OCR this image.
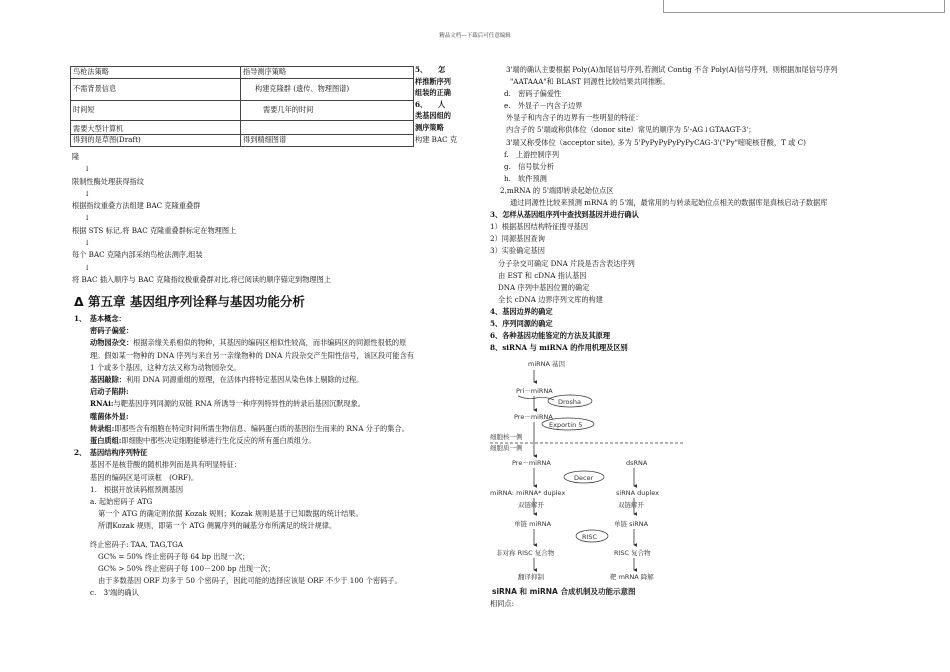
精品文档---下载后可任意编辑
鸟枪法策略	指导测序策略
不需背景信息	构建克隆群 (遗传、物理图谱)
时间短	需要几年的时间
需要大型计算机	
得到的是草图(Draft)	得到精细图谱
5、　　怎
样推断序列
组装的正确
6、　　人
类基因组的
测序策略
构建 BAC 克
隆
↓
限制性酶处理获得指纹
↓
根据指纹重叠方法组建 BAC 克隆重叠群
↓
根据 STS 标记,将 BAC 克隆重叠群标定在物理图上
↓
每个 BAC 克隆内部采纳鸟枪法测序,组装
↓
将 BAC 插入顺序与 BAC 克隆指纹极重叠群对比,将已阅读的顺序锚定到物理图上
Δ 第五章 基因组序列诠释与基因功能分析
1、　基本概念：
密码子偏爱：
动物园杂交：根据亲缘关系相似的物种，其基因的编码区相似性较高，而非编码区的同源性很低的原
理。假如某一物种的 DNA 序列与来自另一亲缘物种的 DNA 片段杂交产生阳性信号，该区段可能含有
1 个或多个基因，这种方法又称为动物园杂交。
基因敲除：利用 DNA 同源重组的原理，在活体内将特定基因从染色体上剔除的过程。
启动子陷阱:
RNAi:与靶基因序列同源的双链 RNA 所诱导一种序列特异性的转录后基因沉默现象。
噬菌体外显:
转录组:即那些含有细胞在特定时间所需生物信息、编码蛋白质的基因衍生而来的 RNA 分子的集合。
蛋白质组:即细胞中那些决定细胞能够进行生化反应的所有蛋白质组分。
2、　基因结构序列特征
基因不是核苷酸的随机排列而是具有明显特征：
基因的编码区是可读框　(ORF)。
1.　根据开放读码框预测基因
a. 起始密码子 ATG
第一个 ATG 的确定则依据 Kozak 规则；Kozak 规则是基于已知数据的统计结果。
所谓Kozak 规则，即第一个 ATG 侧翼序列的碱基分布所满足的统计规律。
终止密码子: TAA, TAG,TGA
GC% = 50% 终止密码子每 64 bp 出现一次；
GC% > 50% 终止密码子每 100－200 bp 出现一次；
由于多数基因 ORF 均多于 50 个密码子，因此可能的选择应该是 ORF 不少于 100 个密码子。
c.　3'端的确认
3'端的确认主要根据 Poly(A)加尾信号序列,若测试 Contig 不含 Poly(A)信号序列，则根据加尾信号序列
"AATAAA"和 BLAST 同源性比较结果共同推断。
d.　密码子偏爱性
e.　外显子－内含子边界
外显子和内含子的边界有一些明显的特征：
内含子的 5'端或称供体位（donor site）常见的顺序为 5'-AG↓GTAAGT-3'；
3'端又称受体位（acceptor site), 多为 5'PyPyPyPyPyPyCAG-3'("Py"嘧啶核苷酸，T 或 C)
f.　上游控制序列
g.　信号肽分析
h.　软件预测
2,mRNA 的 5'端即转录起始位点区
通过同源性比较来预测 mRNA 的 5'端，最常用的与转录起始位点相关的数据库是真核启动子数据库
3、怎样从基因组序列中查找到基因并进行确认
1）根据基因结构特征搜寻基因
2）同源基因查询
3）实验确定基因
分子杂交可确定 DNA 片段是否含表达序列
由 EST 和 cDNA 指认基因
DNA 序列中基因位置的确定
全长 cDNA 边界序列文库的构建
4、基因边界的确定
5、序列同源的确定
6、各种基因功能鉴定的方法及其原理
8、siRNA 与 miRNA 的作用机理及区别
miRNA 基因
Pri－miRNA
Drosha
Pre－miRNA
Exportin 5
细胞核一侧
细胞质一侧
Pre－miRNA	dsRNA
Decer
miRNA: miRNA* duplex	siRNA duplex
双链解开	双链解开
单链 miRNA	单链 siRNA
RISC
非对称 RISC 复合物	RISC 复合物
翻译抑制	靶 mRNA 降解
siRNA 和 miRNA 合成机制及功能示意图
相同点:
